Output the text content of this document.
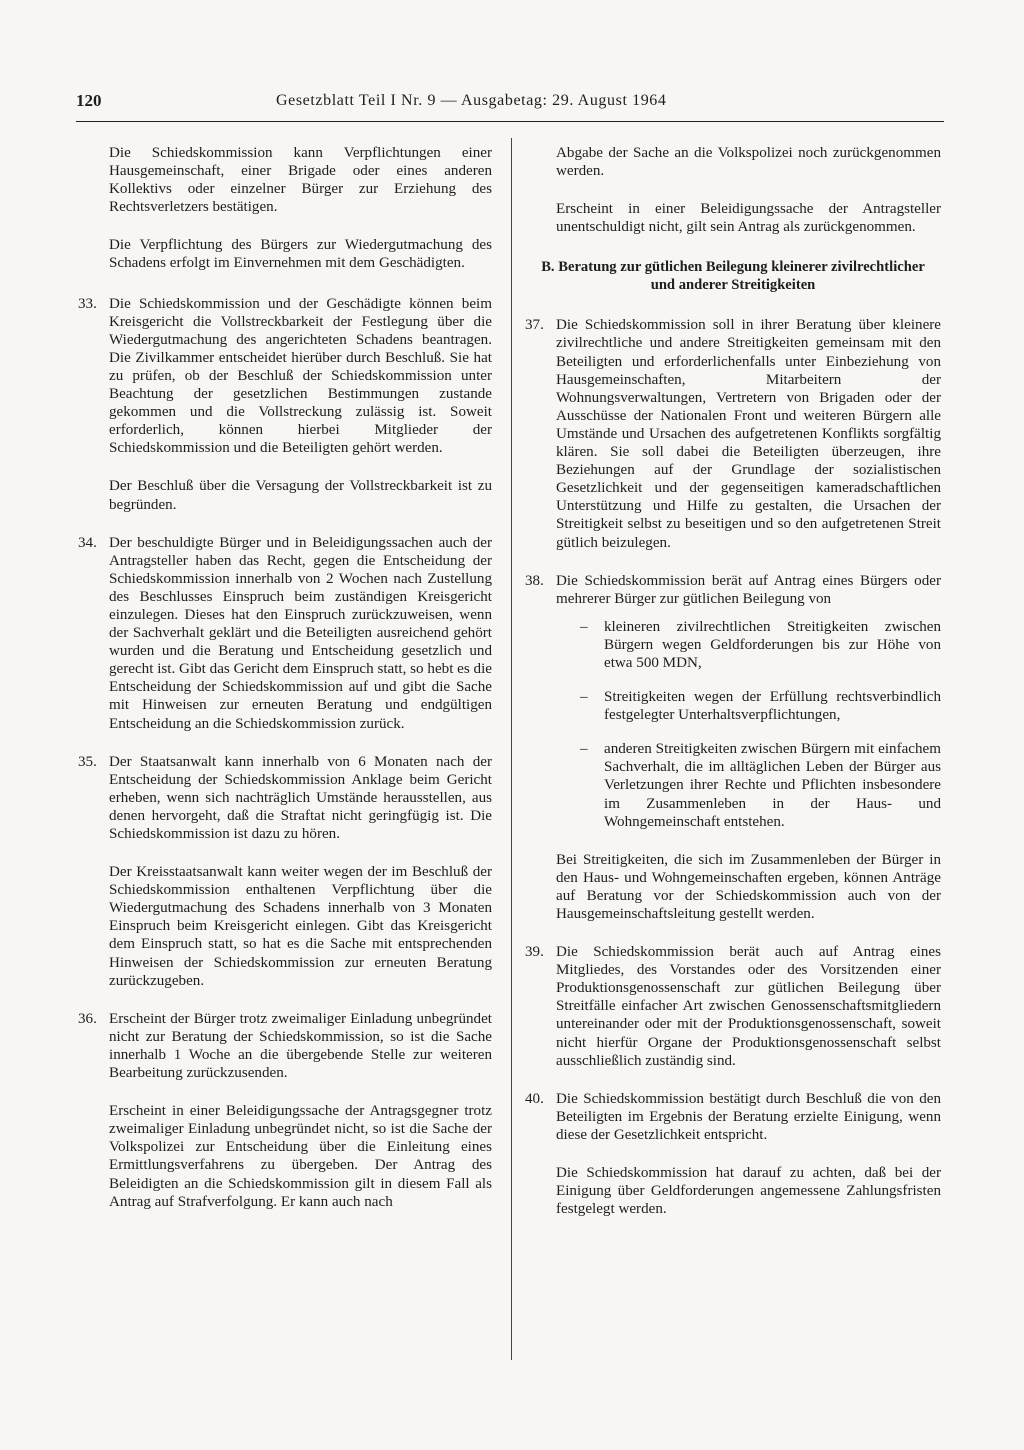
120	Gesetzblatt Teil I Nr. 9 — Ausgabetag: 29. August 1964

Die Schiedskommission kann Verpflichtungen einer Hausgemeinschaft, einer Brigade oder eines anderen Kollektivs oder einzelner Bürger zur Erziehung des Rechtsverletzers bestätigen.

Die Verpflichtung des Bürgers zur Wiedergutmachung des Schadens erfolgt im Einvernehmen mit dem Geschädigten.

33. Die Schiedskommission und der Geschädigte können beim Kreisgericht die Vollstreckbarkeit der Festlegung über die Wiedergutmachung des angerichteten Schadens beantragen. Die Zivilkammer entscheidet hierüber durch Beschluß. Sie hat zu prüfen, ob der Beschluß der Schiedskommission unter Beachtung der gesetzlichen Bestimmungen zustande gekommen und die Vollstreckung zulässig ist. Soweit erforderlich, können hierbei Mitglieder der Schiedskommission und die Beteiligten gehört werden.

Der Beschluß über die Versagung der Vollstreckbarkeit ist zu begründen.

34. Der beschuldigte Bürger und in Beleidigungssachen auch der Antragsteller haben das Recht, gegen die Entscheidung der Schiedskommission innerhalb von 2 Wochen nach Zustellung des Beschlusses Einspruch beim zuständigen Kreisgericht einzulegen. Dieses hat den Einspruch zurückzuweisen, wenn der Sachverhalt geklärt und die Beteiligten ausreichend gehört wurden und die Beratung und Entscheidung gesetzlich und gerecht ist. Gibt das Gericht dem Einspruch statt, so hebt es die Entscheidung der Schiedskommission auf und gibt die Sache mit Hinweisen zur erneuten Beratung und endgültigen Entscheidung an die Schiedskommission zurück.

35. Der Staatsanwalt kann innerhalb von 6 Monaten nach der Entscheidung der Schiedskommission Anklage beim Gericht erheben, wenn sich nachträglich Umstände herausstellen, aus denen hervorgeht, daß die Straftat nicht geringfügig ist. Die Schiedskommission ist dazu zu hören.

Der Kreisstaatsanwalt kann weiter wegen der im Beschluß der Schiedskommission enthaltenen Verpflichtung über die Wiedergutmachung des Schadens innerhalb von 3 Monaten Einspruch beim Kreisgericht einlegen. Gibt das Kreisgericht dem Einspruch statt, so hat es die Sache mit entsprechenden Hinweisen der Schiedskommission zur erneuten Beratung zurückzugeben.

36. Erscheint der Bürger trotz zweimaliger Einladung unbegründet nicht zur Beratung der Schiedskommission, so ist die Sache innerhalb 1 Woche an die übergebende Stelle zur weiteren Bearbeitung zurückzusenden.

Erscheint in einer Beleidigungssache der Antragsgegner trotz zweimaliger Einladung unbegründet nicht, so ist die Sache der Volkspolizei zur Entscheidung über die Einleitung eines Ermittlungsverfahrens zu übergeben. Der Antrag des Beleidigten an die Schiedskommission gilt in diesem Fall als Antrag auf Strafverfolgung. Er kann auch nach

Abgabe der Sache an die Volkspolizei noch zurückgenommen werden.

Erscheint in einer Beleidigungssache der Antragsteller unentschuldigt nicht, gilt sein Antrag als zurückgenommen.

B. Beratung zur gütlichen Beilegung kleinerer zivilrechtlicher und anderer Streitigkeiten
37. Die Schiedskommission soll in ihrer Beratung über kleinere zivilrechtliche und andere Streitigkeiten gemeinsam mit den Beteiligten und erforderlichenfalls unter Einbeziehung von Hausgemeinschaften, Mitarbeitern der Wohnungsverwaltungen, Vertretern von Brigaden oder der Ausschüsse der Nationalen Front und weiteren Bürgern alle Umstände und Ursachen des aufgetretenen Konflikts sorgfältig klären. Sie soll dabei die Beteiligten überzeugen, ihre Beziehungen auf der Grundlage der sozialistischen Gesetzlichkeit und der gegenseitigen kameradschaftlichen Unterstützung und Hilfe zu gestalten, die Ursachen der Streitigkeit selbst zu beseitigen und so den aufgetretenen Streit gütlich beizulegen.

38. Die Schiedskommission berät auf Antrag eines Bürgers oder mehrerer Bürger zur gütlichen Beilegung von

– kleineren zivilrechtlichen Streitigkeiten zwischen Bürgern wegen Geldforderungen bis zur Höhe von etwa 500 MDN,
– Streitigkeiten wegen der Erfüllung rechtsverbindlich festgelegter Unterhaltsverpflichtungen,
– anderen Streitigkeiten zwischen Bürgern mit einfachem Sachverhalt, die im alltäglichen Leben der Bürger aus Verletzungen ihrer Rechte und Pflichten insbesondere im Zusammenleben in der Haus- und Wohngemeinschaft entstehen.

Bei Streitigkeiten, die sich im Zusammenleben der Bürger in den Haus- und Wohngemeinschaften ergeben, können Anträge auf Beratung vor der Schiedskommission auch von der Hausgemeinschaftsleitung gestellt werden.

39. Die Schiedskommission berät auch auf Antrag eines Mitgliedes, des Vorstandes oder des Vorsitzenden einer Produktionsgenossenschaft zur gütlichen Beilegung über Streitfälle einfacher Art zwischen Genossenschaftsmitgliedern untereinander oder mit der Produktionsgenossenschaft, soweit nicht hierfür Organe der Produktionsgenossenschaft selbst ausschließlich zuständig sind.

40. Die Schiedskommission bestätigt durch Beschluß die von den Beteiligten im Ergebnis der Beratung erzielte Einigung, wenn diese der Gesetzlichkeit entspricht.

Die Schiedskommission hat darauf zu achten, daß bei der Einigung über Geldforderungen angemessene Zahlungsfristen festgelegt werden.
